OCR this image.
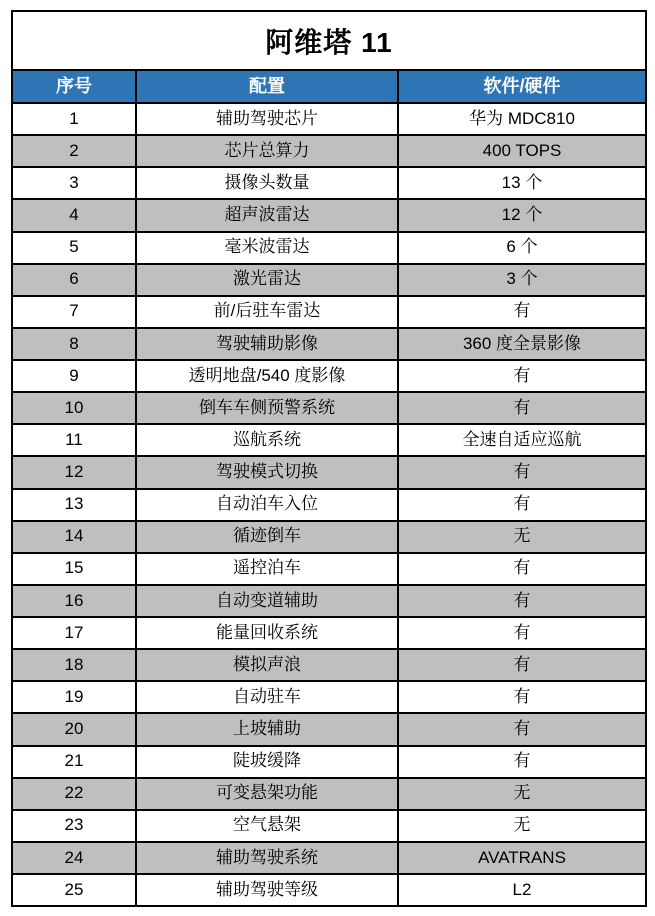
阿维塔 11
序号	配置	软件/硬件
1	辅助驾驶芯片	华为 MDC810
2	芯片总算力	400 TOPS
3	摄像头数量	13 个
4	超声波雷达	12 个
5	毫米波雷达	6 个
6	激光雷达	3 个
7	前/后驻车雷达	有
8	驾驶辅助影像	360 度全景影像
9	透明地盘/540 度影像	有
10	倒车车侧预警系统	有
11	巡航系统	全速自适应巡航
12	驾驶模式切换	有
13	自动泊车入位	有
14	循迹倒车	无
15	遥控泊车	有
16	自动变道辅助	有
17	能量回收系统	有
18	模拟声浪	有
19	自动驻车	有
20	上坡辅助	有
21	陡坡缓降	有
22	可变悬架功能	无
23	空气悬架	无
24	辅助驾驶系统	AVATRANS
25	辅助驾驶等级	L2
